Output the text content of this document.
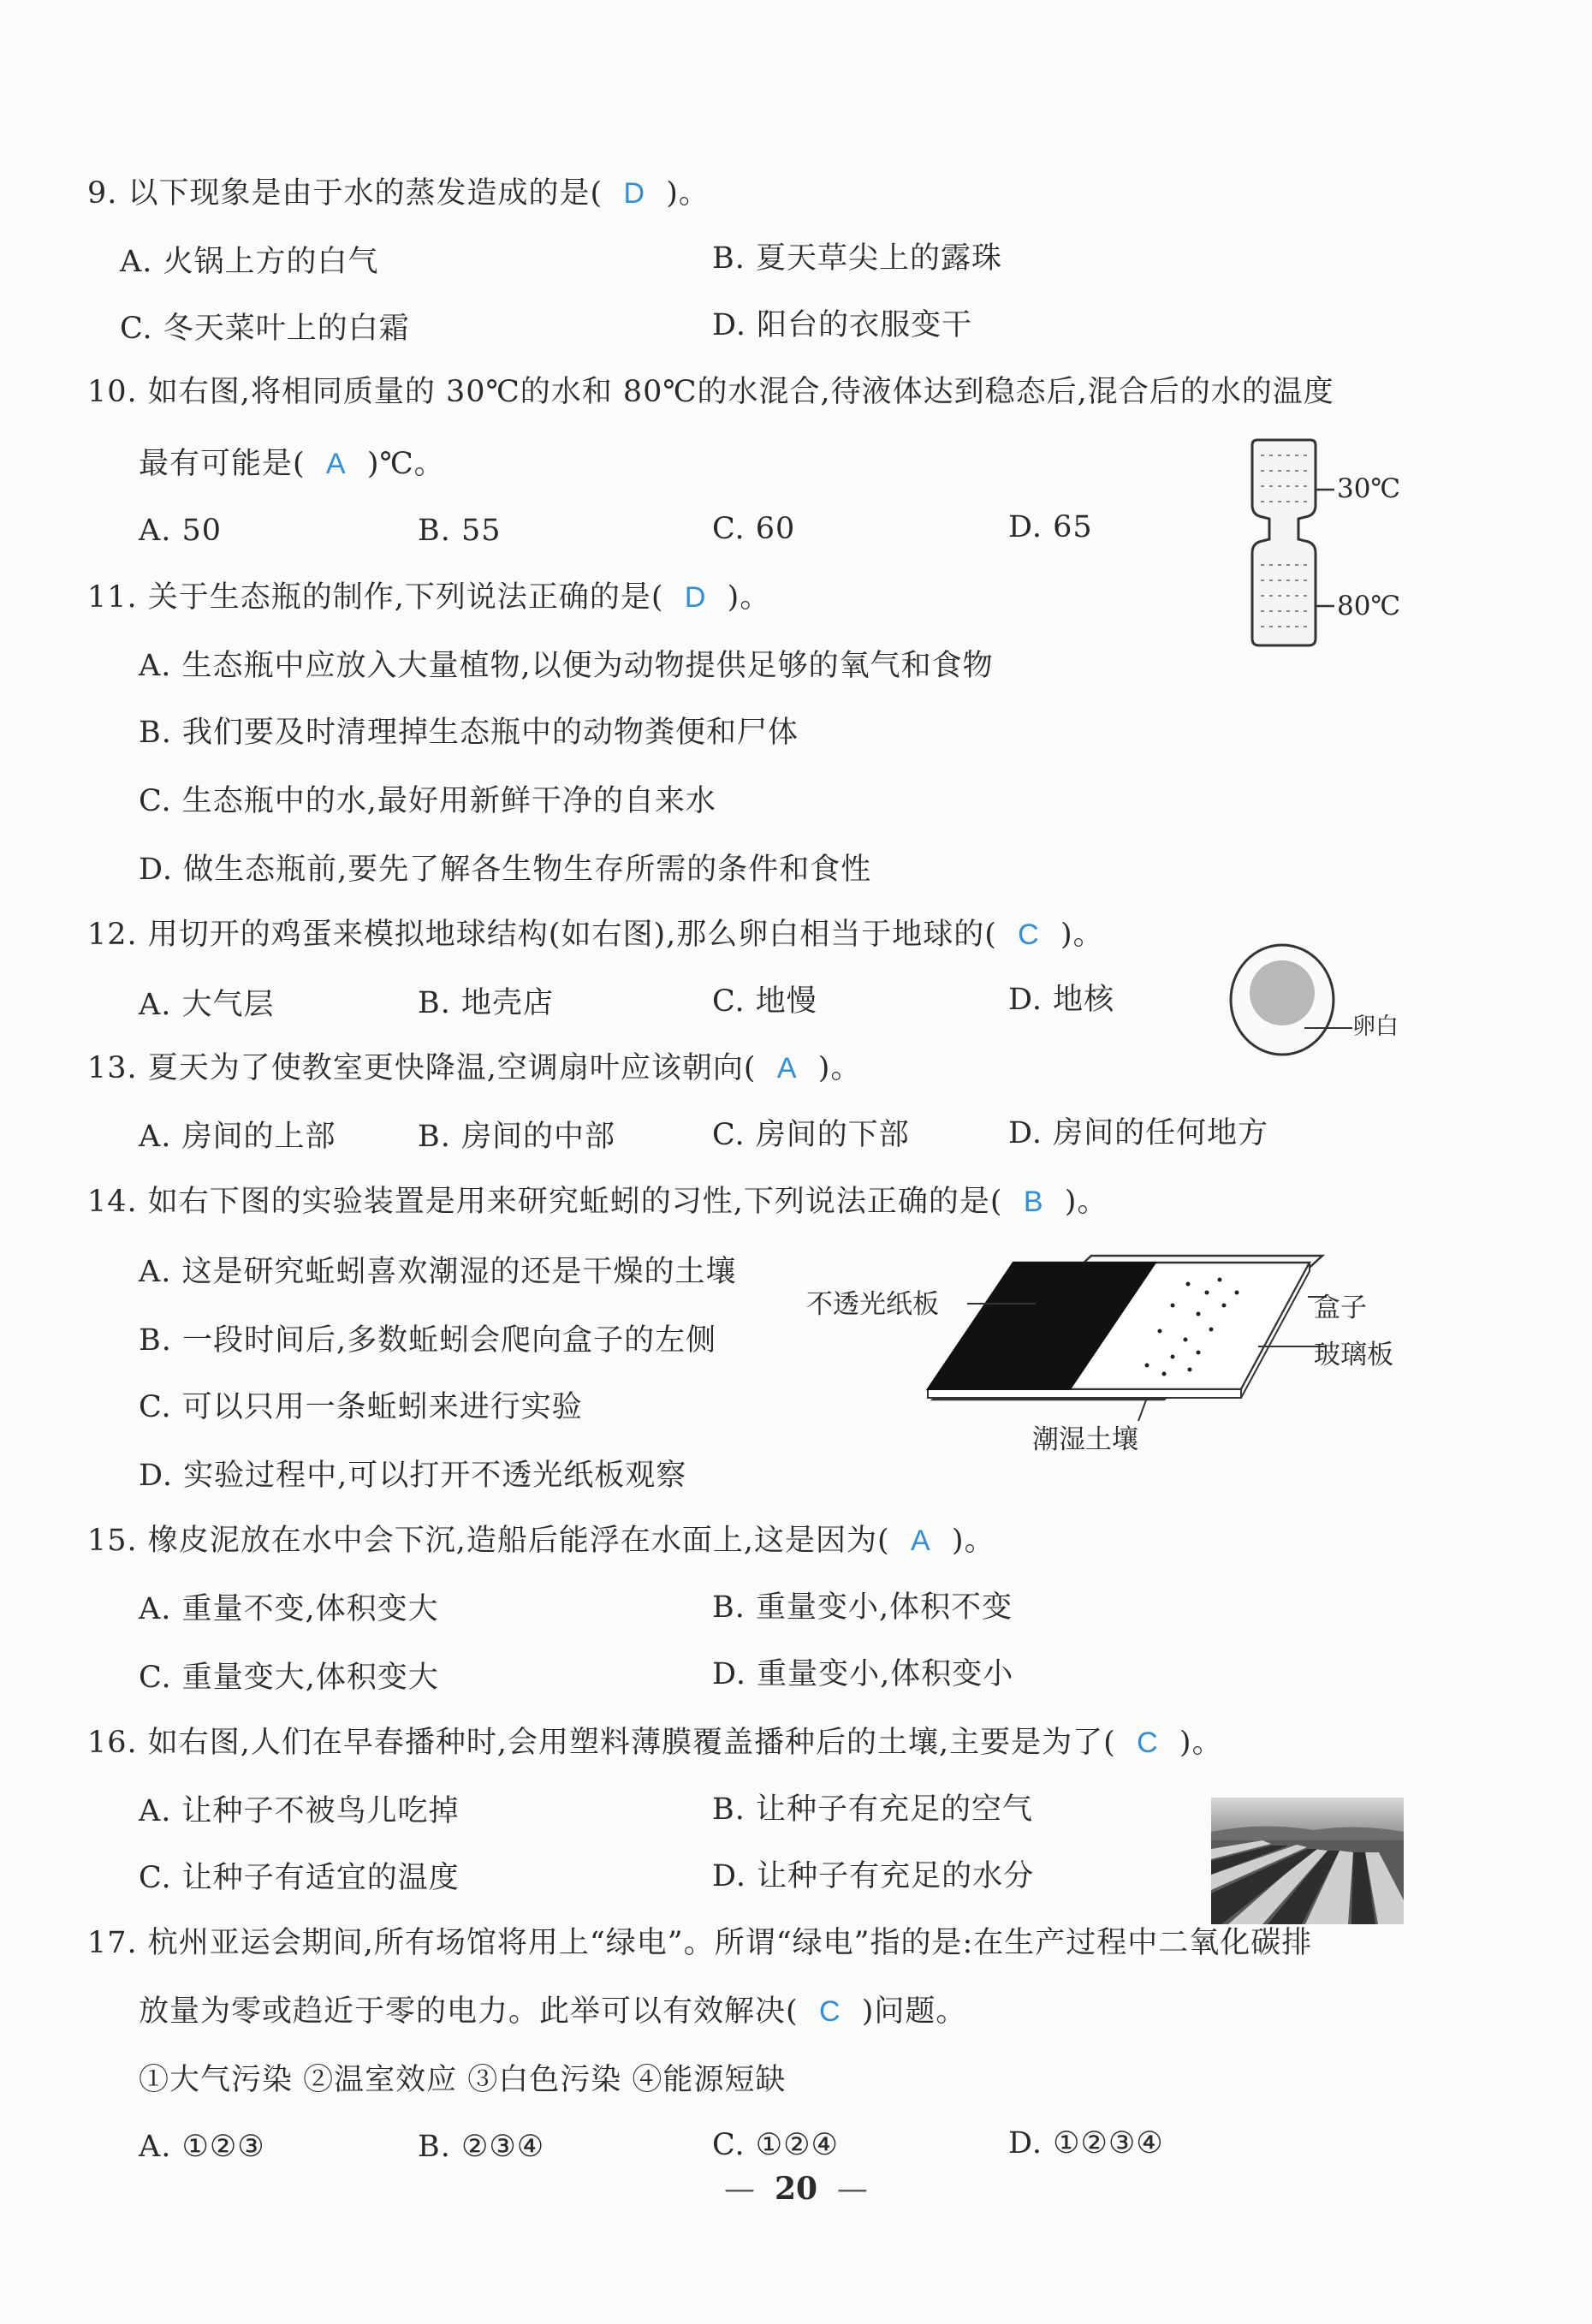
9. 以下现象是由于水的蒸发造成的是( D )。
A. 火锅上方的白气	B. 夏天草尖上的露珠
C. 冬天菜叶上的白霜	D. 阳台的衣服变干
10. 如右图,将相同质量的 30℃的水和 80℃的水混合,待液体达到稳态后,混合后的水的温度
最有可能是( A )℃。
A. 50	B. 55	C. 60	D. 65
30℃
80℃
11. 关于生态瓶的制作,下列说法正确的是( D )。
A. 生态瓶中应放入大量植物,以便为动物提供足够的氧气和食物
B. 我们要及时清理掉生态瓶中的动物粪便和尸体
C. 生态瓶中的水,最好用新鲜干净的自来水
D. 做生态瓶前,要先了解各生物生存所需的条件和食性
12. 用切开的鸡蛋来模拟地球结构(如右图),那么卵白相当于地球的( C )。
A. 大气层	B. 地壳店	C. 地慢	D. 地核
卵白
13. 夏天为了使教室更快降温,空调扇叶应该朝向( A )。
A. 房间的上部	B. 房间的中部	C. 房间的下部	D. 房间的任何地方
14. 如右下图的实验装置是用来研究蚯蚓的习性,下列说法正确的是( B )。
A. 这是研究蚯蚓喜欢潮湿的还是干燥的土壤
B. 一段时间后,多数蚯蚓会爬向盒子的左侧
C. 可以只用一条蚯蚓来进行实验
D. 实验过程中,可以打开不透光纸板观察
不透光纸板	盒子
玻璃板
潮湿土壤
15. 橡皮泥放在水中会下沉,造船后能浮在水面上,这是因为( A )。
A. 重量不变,体积变大	B. 重量变小,体积不变
C. 重量变大,体积变大	D. 重量变小,体积变小
16. 如右图,人们在早春播种时,会用塑料薄膜覆盖播种后的土壤,主要是为了( C )。
A. 让种子不被鸟儿吃掉	B. 让种子有充足的空气
C. 让种子有适宜的温度	D. 让种子有充足的水分
17. 杭州亚运会期间,所有场馆将用上“绿电”。所谓“绿电”指的是:在生产过程中二氧化碳排
放量为零或趋近于零的电力。此举可以有效解决( C )问题。
①大气污染 ②温室效应 ③白色污染 ④能源短缺
A. ①②③	B. ②③④	C. ①②④	D. ①②③④
—  20  —
